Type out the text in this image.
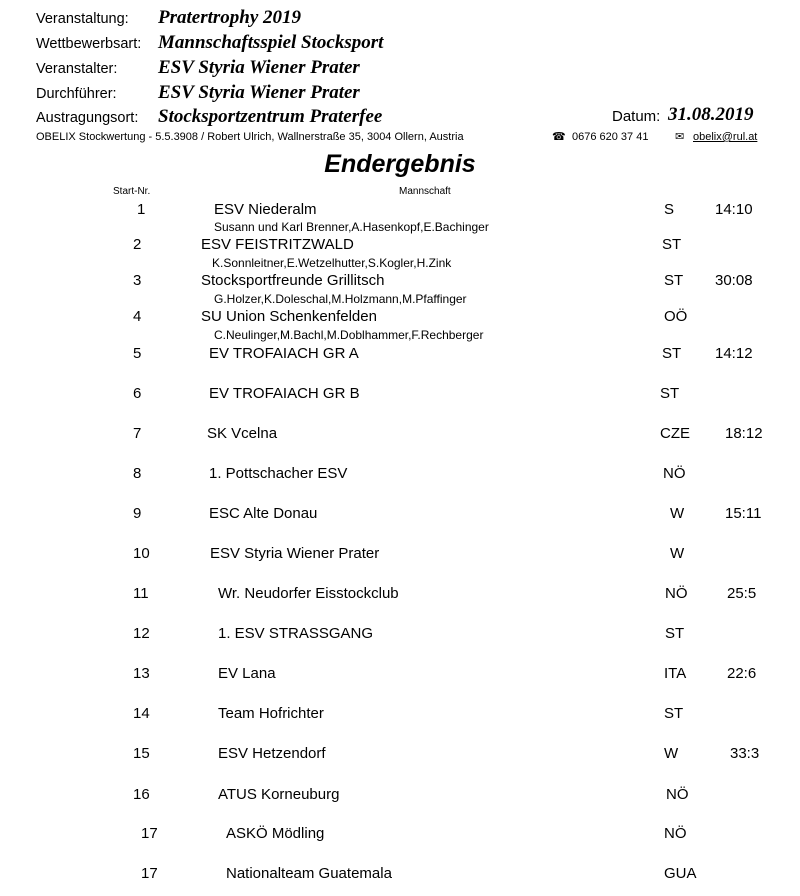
Veranstaltung: Pratertrophy 2019
Wettbewerbsart: Mannschaftsspiel Stocksport
Veranstalter: ESV Styria Wiener Prater
Durchführer: ESV Styria Wiener Prater
Austragungsort: Stocksportzentrum Praterfee	Datum: 31.08.2019
OBELIX Stockwertung - 5.5.3908 / Robert Ulrich, Wallnerstraße 35, 3004 Ollern, Austria	☎ 0676 620 37 41 ✉ obelix@rul.at
Endergebnis
Start-Nr.	Mannschaft
1	ESV Niederalm	S	14:10
Susann und Karl Brenner,A.Hasenkopf,E.Bachinger
2	ESV FEISTRITZWALD	ST
K.Sonnleitner,E.Wetzelhutter,S.Kogler,H.Zink
3	Stocksportfreunde Grillitsch	ST 30:08
G.Holzer,K.Doleschal,M.Holzmann,M.Pfaffinger
4	SU Union Schenkenfelden	OÖ
C.Neulinger,M.Bachl,M.Doblhammer,F.Rechberger
5	EV TROFAIACH GR A	ST 14:12
6	EV TROFAIACH GR B	ST
7	SK Vcelna	CZE 18:12
8	1. Pottschacher ESV	NÖ
9	ESC Alte Donau	W	15:11
10	ESV Styria Wiener Prater	W
11	Wr. Neudorfer Eisstockclub	NÖ	25:5
12	1. ESV STRASSGANG	ST
13	EV Lana	ITA	22:6
14	Team Hofrichter	ST
15	ESV Hetzendorf	W	33:3
16	ATUS Korneuburg	NÖ
17	ASKÖ Mödling	NÖ
17	Nationalteam Guatemala	GUA
